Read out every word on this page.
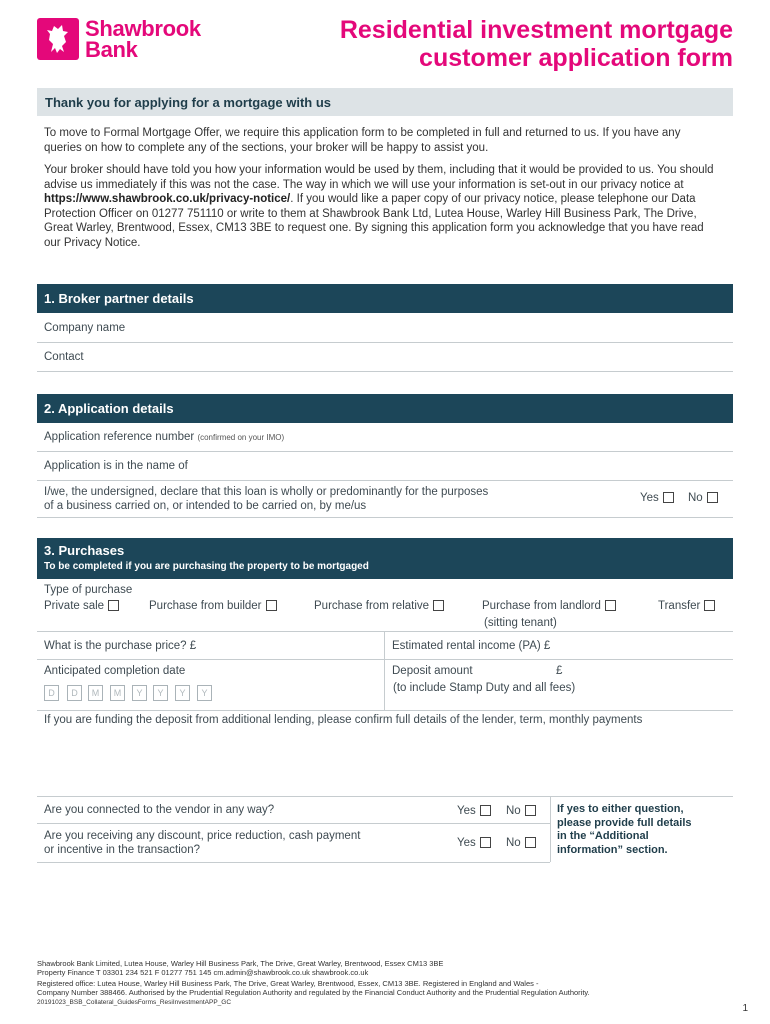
Shawbrook
Bank
Residential investment mortgage
customer application form
Thank you for applying for a mortgage with us
To move to Formal Mortgage Offer, we require this application form to be completed in full and returned to us. If you have any queries on how to complete any of the sections, your broker will be happy to assist you.
Your broker should have told you how your information would be used by them, including that it would be provided to us. You should advise us immediately if this was not the case. The way in which we will use your information is set-out in our privacy notice at https://www.shawbrook.co.uk/privacy-notice/. If you would like a paper copy of our privacy notice, please telephone our Data Protection Officer on 01277 751110 or write to them at Shawbrook Bank Ltd, Lutea House, Warley Hill Business Park, The Drive, Great Warley, Brentwood, Essex, CM13 3BE to request one. By signing this application form you acknowledge that you have read our Privacy Notice.
1. Broker partner details
Company name
Contact
2. Application details
Application reference number
(confirmed on your IMO)
Application is in the name of
I/we, the undersigned, declare that this loan is wholly or predominantly for the purposes
of a business carried on, or intended to be carried on, by me/us
Yes	No
3. Purchases
To be completed if you are purchasing the property to be mortgaged
Type of purchase
Private sale	Purchase from builder	Purchase from relative	Purchase from landlord	Transfer
(sitting tenant)
What is the purchase price? £	Estimated rental income (PA) £
Anticipated completion date
D	D	M	M	Y	Y	Y	Y
Deposit amount	£
(to include Stamp Duty and all fees)
If you are funding the deposit from additional lending, please confirm full details of the lender, term, monthly payments
Are you connected to the vendor in any way?	Yes	No
Are you receiving any discount, price reduction, cash payment
or incentive in the transaction?
Yes	No
If yes to either question,
please provide full details
in the “Additional
information” section.
Shawbrook Bank Limited, Lutea House, Warley Hill Business Park, The Drive, Great Warley, Brentwood, Essex CM13 3BE
Property Finance T 03301 234 521 F 01277 751 145 cm.admin@shawbrook.co.uk shawbrook.co.uk
Registered office: Lutea House, Warley Hill Business Park, The Drive, Great Warley, Brentwood, Essex, CM13 3BE. Registered in England and Wales -
Company Number 388466. Authorised by the Prudential Regulation Authority and regulated by the Financial Conduct Authority and the Prudential Regulation Authority.
20191023_BSB_Collateral_GuidesForms_ResiInvestmentAPP_GC
1
